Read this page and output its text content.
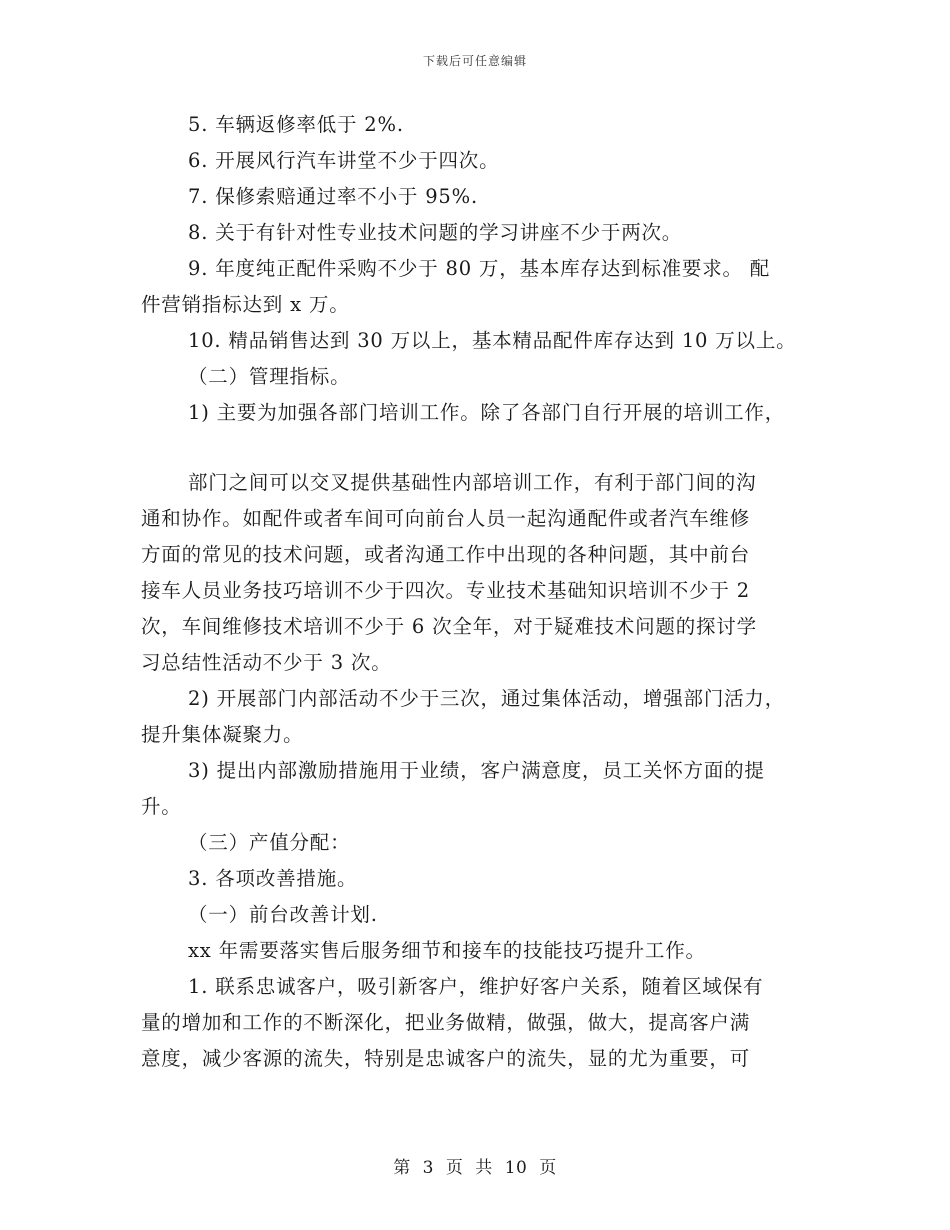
下载后可任意编辑
5. 车辆返修率低于 2%.
6. 开展风行汽车讲堂不少于四次。
7. 保修索赔通过率不小于 95%.
8. 关于有针对性专业技术问题的学习讲座不少于两次。
9. 年度纯正配件采购不少于 80 万，基本库存达到标准要求。 配
件营销指标达到 x 万。
10. 精品销售达到 30 万以上，基本精品配件库存达到 10 万以上。
（二）管理指标。
1) 主要为加强各部门培训工作。除了各部门自行开展的培训工作，
部门之间可以交叉提供基础性内部培训工作，有利于部门间的沟
通和协作。如配件或者车间可向前台人员一起沟通配件或者汽车维修
方面的常见的技术问题，或者沟通工作中出现的各种问题，其中前台
接车人员业务技巧培训不少于四次。专业技术基础知识培训不少于 2
次，车间维修技术培训不少于 6 次全年，对于疑难技术问题的探讨学
习总结性活动不少于 3 次。
2) 开展部门内部活动不少于三次，通过集体活动，增强部门活力，
提升集体凝聚力。
3) 提出内部激励措施用于业绩，客户满意度，员工关怀方面的提
升。
（三）产值分配：
3. 各项改善措施。
（一）前台改善计划.
xx 年需要落实售后服务细节和接车的技能技巧提升工作。
1. 联系忠诚客户，吸引新客户，维护好客户关系，随着区域保有
量的增加和工作的不断深化，把业务做精，做强，做大，提高客户满
意度，减少客源的流失，特别是忠诚客户的流失，显的尤为重要，可
第 3 页 共 10 页
